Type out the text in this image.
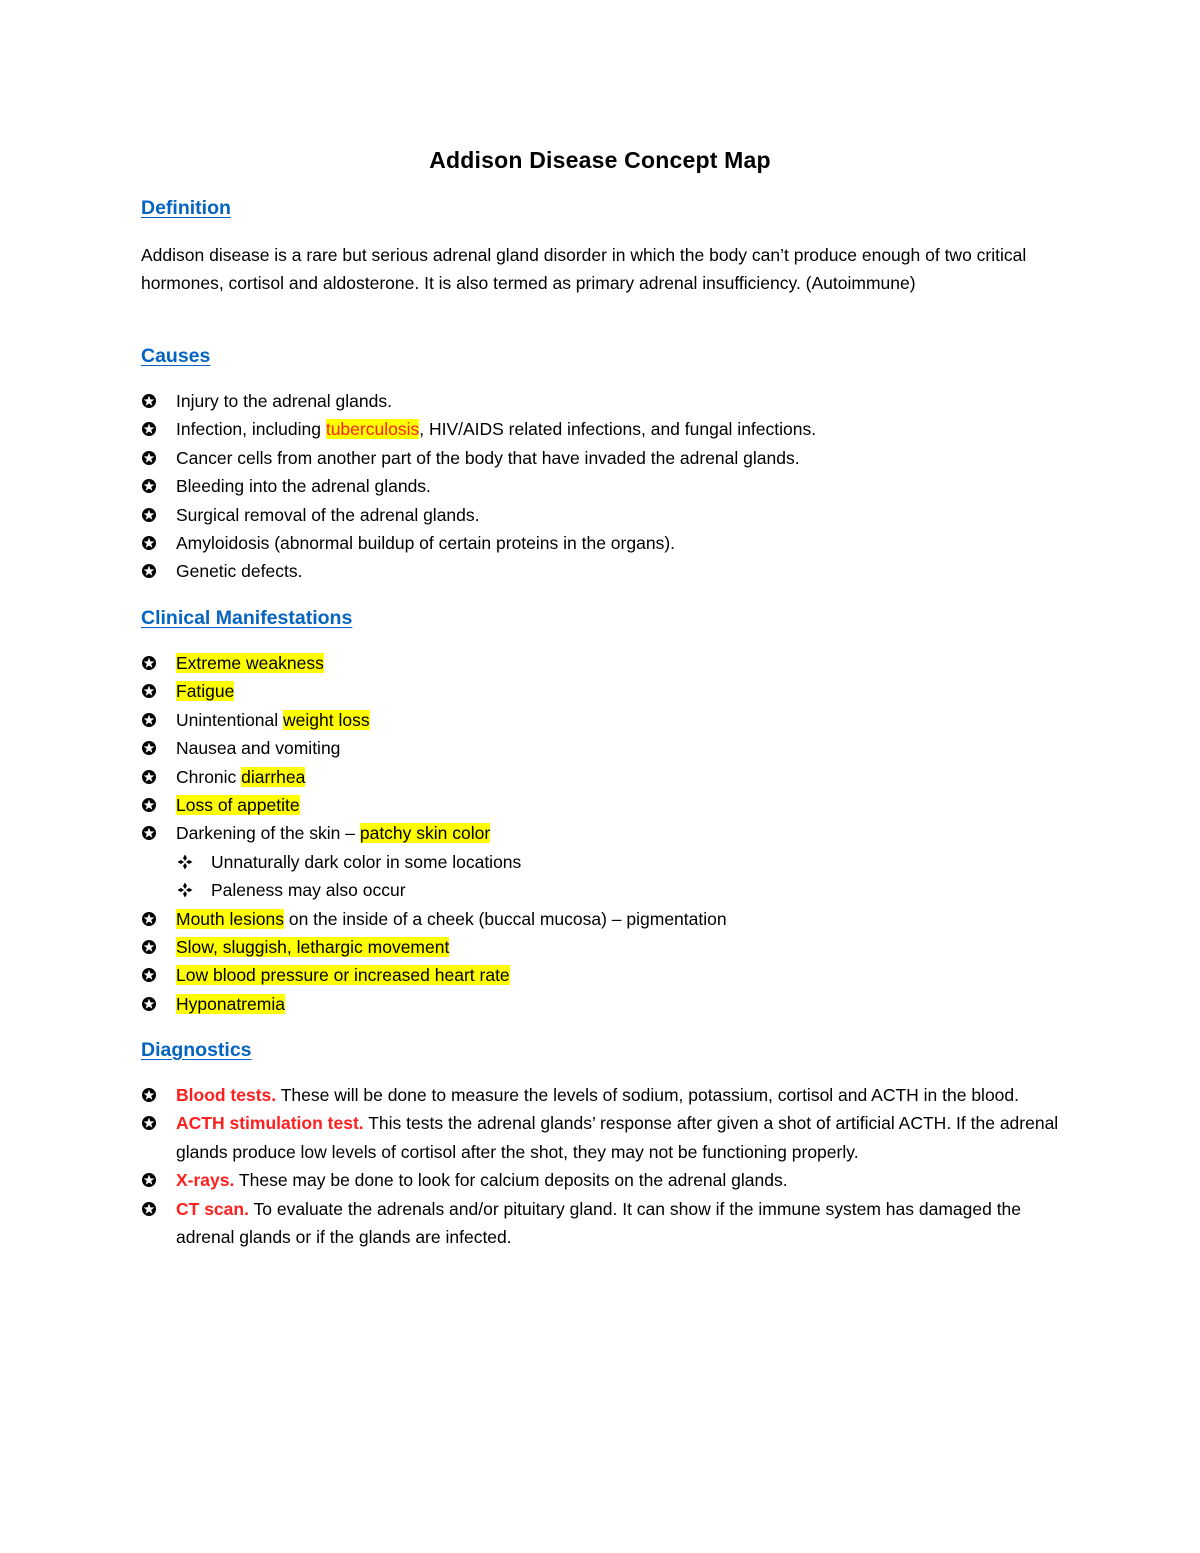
Addison Disease Concept Map
Definition
Addison disease is a rare but serious adrenal gland disorder in which the body can’t produce enough of two critical hormones, cortisol and aldosterone. It is also termed as primary adrenal insufficiency. (Autoimmune)
Causes
Injury to the adrenal glands.
Infection, including tuberculosis, HIV/AIDS related infections, and fungal infections.
Cancer cells from another part of the body that have invaded the adrenal glands.
Bleeding into the adrenal glands.
Surgical removal of the adrenal glands.
Amyloidosis (abnormal buildup of certain proteins in the organs).
Genetic defects.
Clinical Manifestations
Extreme weakness
Fatigue
Unintentional weight loss
Nausea and vomiting
Chronic diarrhea
Loss of appetite
Darkening of the skin – patchy skin color
Unnaturally dark color in some locations
Paleness may also occur
Mouth lesions on the inside of a cheek (buccal mucosa) – pigmentation
Slow, sluggish, lethargic movement
Low blood pressure or increased heart rate
Hyponatremia
Diagnostics
Blood tests. These will be done to measure the levels of sodium, potassium, cortisol and ACTH in the blood.
ACTH stimulation test. This tests the adrenal glands’ response after given a shot of artificial ACTH. If the adrenal glands produce low levels of cortisol after the shot, they may not be functioning properly.
X-rays. These may be done to look for calcium deposits on the adrenal glands.
CT scan. To evaluate the adrenals and/or pituitary gland. It can show if the immune system has damaged the adrenal glands or if the glands are infected.
